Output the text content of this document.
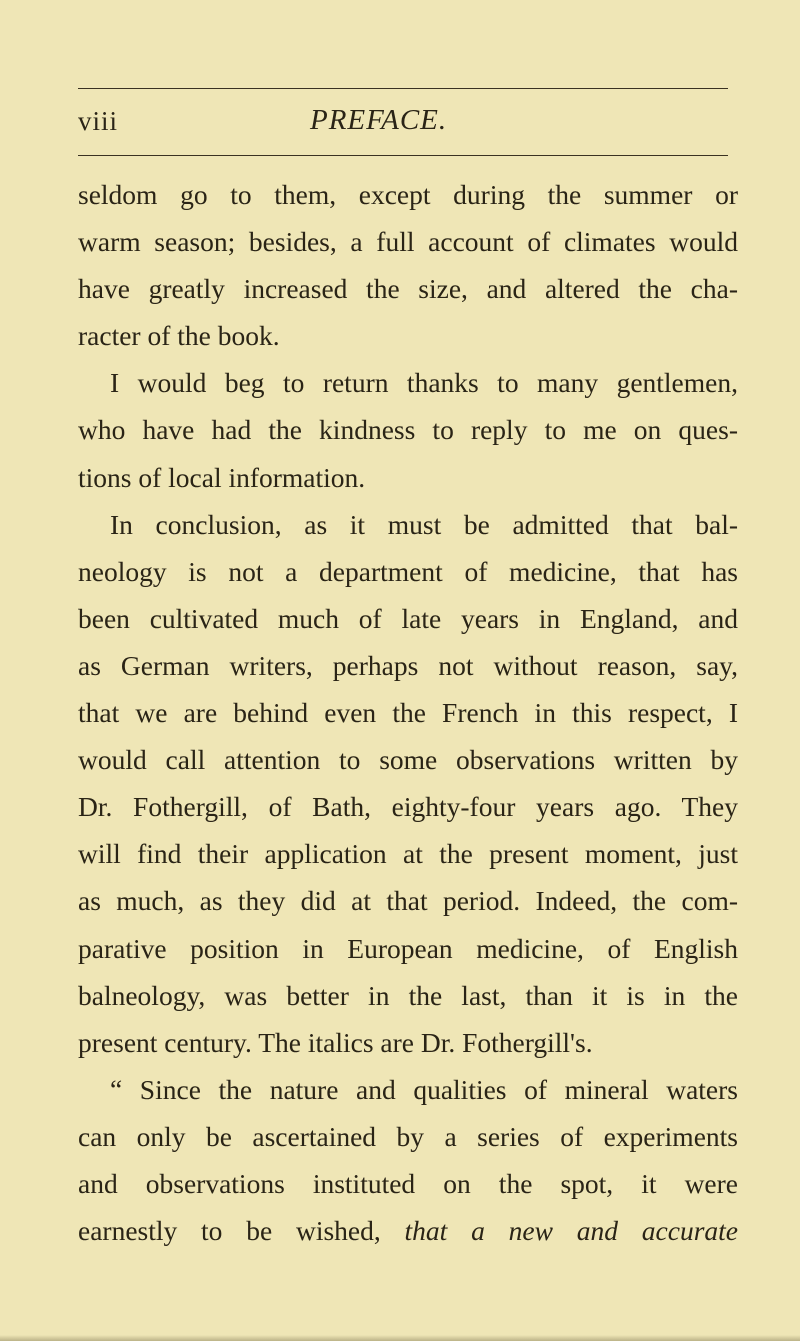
viii	PREFACE.
seldom go to them, except during the summer or
warm season; besides, a full account of climates would
have greatly increased the size, and altered the cha-
racter of the book.
I would beg to return thanks to many gentlemen,
who have had the kindness to reply to me on ques-
tions of local information.
In conclusion, as it must be admitted that bal-
neology is not a department of medicine, that has
been cultivated much of late years in England, and
as German writers, perhaps not without reason, say,
that we are behind even the French in this respect, I
would call attention to some observations written by
Dr. Fothergill, of Bath, eighty-four years ago. They
will find their application at the present moment, just
as much, as they did at that period. Indeed, the com-
parative position in European medicine, of English
balneology, was better in the last, than it is in the
present century. The italics are Dr. Fothergill's.
“ Since the nature and qualities of mineral waters
can only be ascertained by a series of experiments
and observations instituted on the spot, it were
earnestly to be wished, that a new and accurate
